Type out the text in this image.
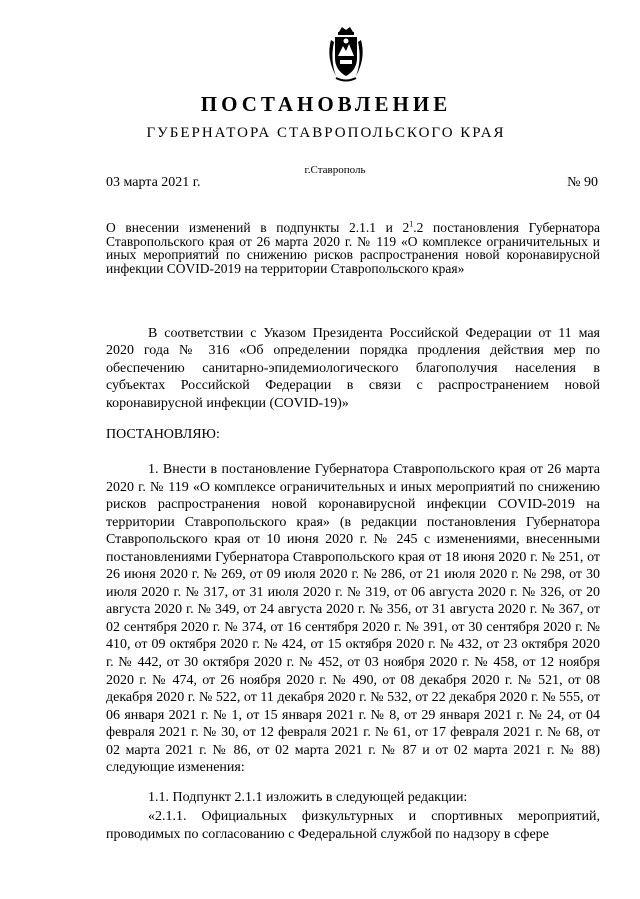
ПОСТАНОВЛЕНИЕ
ГУБЕРНАТОРА СТАВРОПОЛЬСКОГО КРАЯ
г.Ставрополь
03 марта 2021 г.	№ 90
О внесении изменений в подпункты 2.1.1 и $2^1.2$ постановления Губернатора Ставропольского края от 26 марта 2020 г. № 119 «О комплексе ограничительных и иных мероприятий по снижению рисков распространения новой коронавирусной инфекции COVID-2019 на территории Ставропольского края»

В соответствии с Указом Президента Российской Федерации от 11 мая 2020 года № 316 «Об определении порядка продления действия мер по обеспечению санитарно-эпидемиологического благополучия населения в субъектах Российской Федерации в связи с распространением новой коронавирусной инфекции (COVID-19)»

ПОСТАНОВЛЯЮ:

1. Внести в постановление Губернатора Ставропольского края от 26 марта 2020 г. № 119 «О комплексе ограничительных и иных мероприятий по снижению рисков распространения новой коронавирусной инфекции COVID-2019 на территории Ставропольского края» (в редакции постановления Губернатора Ставропольского края от 10 июня 2020 г. № 245 с изменениями, внесенными постановлениями Губернатора Ставропольского края от 18 июня 2020 г. № 251, от 26 июня 2020 г. № 269, от 09 июля 2020 г. № 286, от 21 июля 2020 г. № 298, от 30 июля 2020 г. № 317, от 31 июля 2020 г. № 319, от 06 августа 2020 г. № 326, от 20 августа 2020 г. № 349, от 24 августа 2020 г. № 356, от 31 августа 2020 г. № 367, от 02 сентября 2020 г. № 374, от 16 сентября 2020 г. № 391, от 30 сентября 2020 г. № 410, от 09 октября 2020 г. № 424, от 15 октября 2020 г. № 432, от 23 октября 2020 г. № 442, от 30 октября 2020 г. № 452, от 03 ноября 2020 г. № 458, от 12 ноября 2020 г. № 474, от 26 ноября 2020 г. № 490, от 08 декабря 2020 г. № 521, от 08 декабря 2020 г. № 522, от 11 декабря 2020 г. № 532, от 22 декабря 2020 г. № 555, от 06 января 2021 г. № 1, от 15 января 2021 г. № 8, от 29 января 2021 г. № 24, от 04 февраля 2021 г. № 30, от 12 февраля 2021 г. № 61, от 17 февраля 2021 г. № 68, от 02 марта 2021 г. № 86, от 02 марта 2021 г. № 87 и от 02 марта 2021 г. № 88) следующие изменения:

1.1. Подпункт 2.1.1 изложить в следующей редакции:

«2.1.1. Официальных физкультурных и спортивных мероприятий, проводимых по согласованию с Федеральной службой по надзору в сфере
